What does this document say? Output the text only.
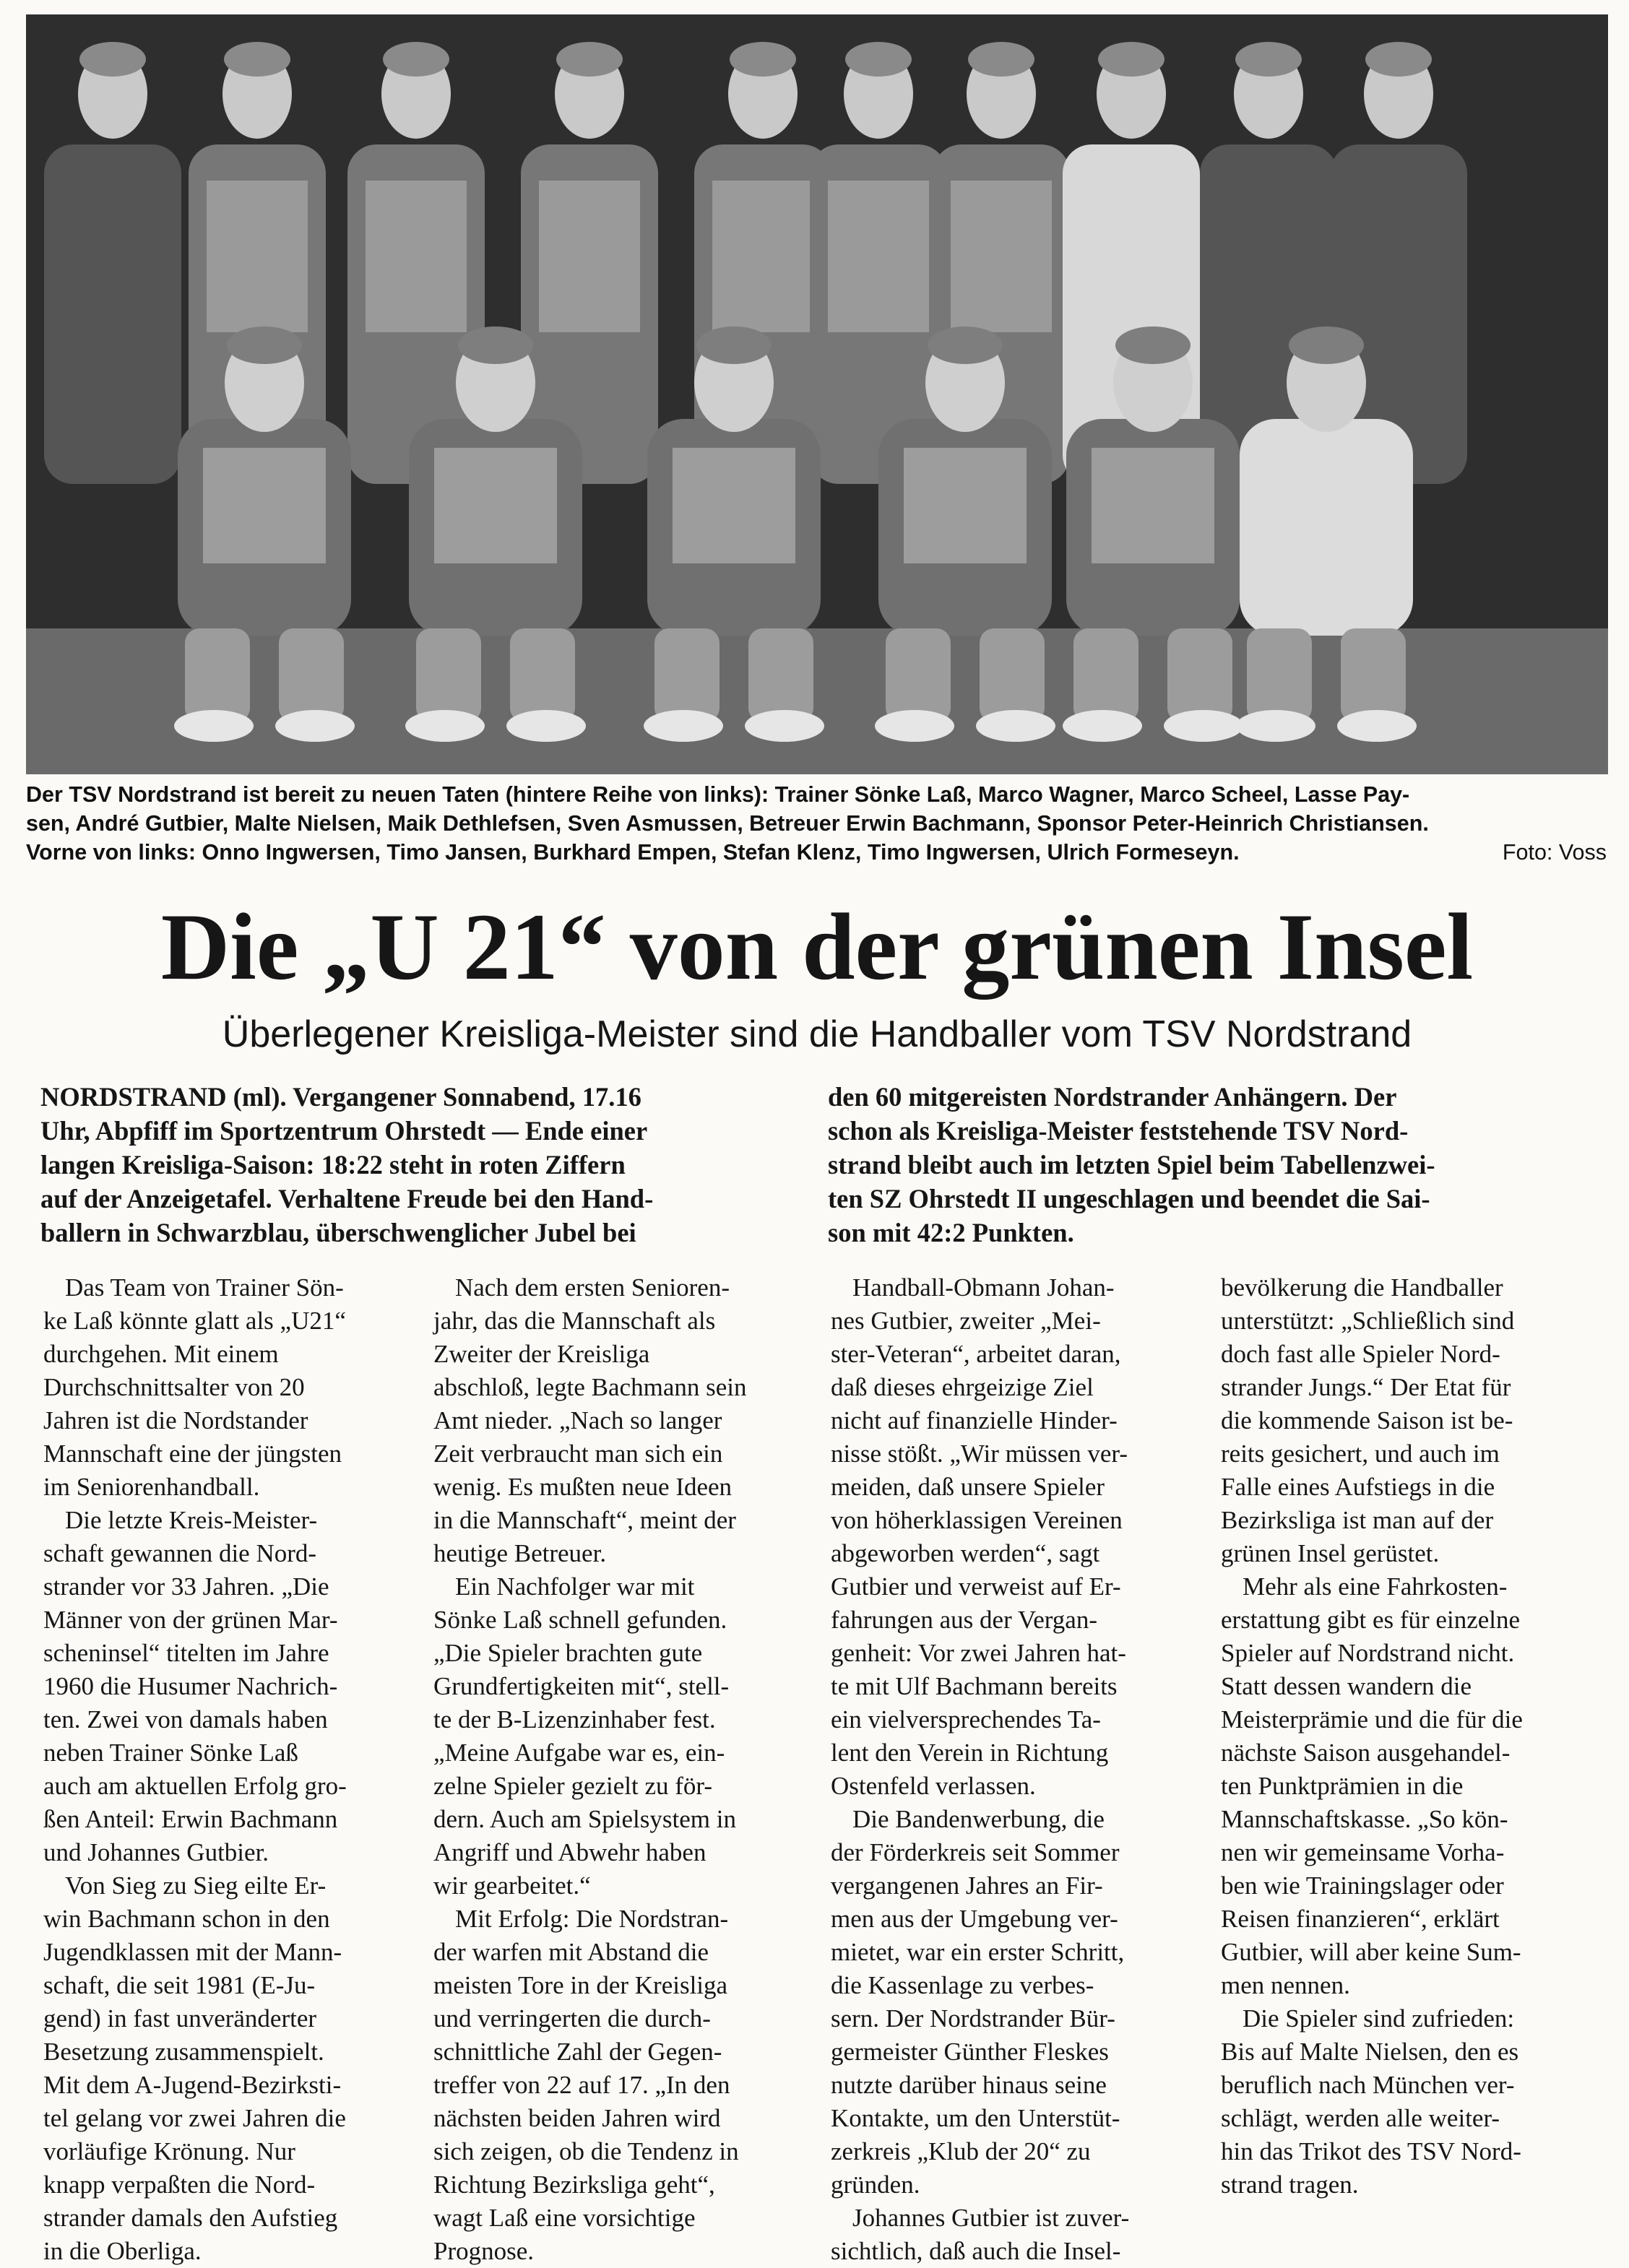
Der TSV Nordstrand ist bereit zu neuen Taten (hintere Reihe von links): Trainer Sönke Laß, Marco Wagner, Marco Scheel, Lasse Pay-
sen, André Gutbier, Malte Nielsen, Maik Dethlefsen, Sven Asmussen, Betreuer Erwin Bachmann, Sponsor Peter-Heinrich Christiansen.
Vorne von links: Onno Ingwersen, Timo Jansen, Burkhard Empen, Stefan Klenz, Timo Ingwersen, Ulrich Formeseyn.	Foto: Voss
Die „U 21“ von der grünen Insel
Überlegener Kreisliga-Meister sind die Handballer vom TSV Nordstrand
NORDSTRAND (ml). Vergangener Sonnabend, 17.16
Uhr, Abpfiff im Sportzentrum Ohrstedt — Ende einer
langen Kreisliga-Saison: 18:22 steht in roten Ziffern
auf der Anzeigetafel. Verhaltene Freude bei den Hand-
ballern in Schwarzblau, überschwenglicher Jubel bei
den 60 mitgereisten Nordstrander Anhängern. Der
schon als Kreisliga-Meister feststehende TSV Nord-
strand bleibt auch im letzten Spiel beim Tabellenzwei-
ten SZ Ohrstedt II ungeschlagen und beendet die Sai-
son mit 42:2 Punkten.

Das Team von Trainer Sön-
ke Laß könnte glatt als „U21“
durchgehen. Mit einem
Durchschnittsalter von 20
Jahren ist die Nordstander
Mannschaft eine der jüngsten
im Seniorenhandball.

Die letzte Kreis-Meister-
schaft gewannen die Nord-
strander vor 33 Jahren. „Die
Männer von der grünen Mar-
scheninsel“ titelten im Jahre
1960 die Husumer Nachrich-
ten. Zwei von damals haben
neben Trainer Sönke Laß
auch am aktuellen Erfolg gro-
ßen Anteil: Erwin Bachmann
und Johannes Gutbier.

Von Sieg zu Sieg eilte Er-
win Bachmann schon in den
Jugendklassen mit der Mann-
schaft, die seit 1981 (E-Ju-
gend) in fast unveränderter
Besetzung zusammenspielt.
Mit dem A-Jugend-Bezirksti-
tel gelang vor zwei Jahren die
vorläufige Krönung. Nur
knapp verpaßten die Nord-
strander damals den Aufstieg
in die Oberliga.

Nach dem ersten Senioren-
jahr, das die Mannschaft als
Zweiter der Kreisliga
abschloß, legte Bachmann sein
Amt nieder. „Nach so langer
Zeit verbraucht man sich ein
wenig. Es mußten neue Ideen
in die Mannschaft“, meint der
heutige Betreuer.

Ein Nachfolger war mit
Sönke Laß schnell gefunden.
„Die Spieler brachten gute
Grundfertigkeiten mit“, stell-
te der B-Lizenzinhaber fest.
„Meine Aufgabe war es, ein-
zelne Spieler gezielt zu för-
dern. Auch am Spielsystem in
Angriff und Abwehr haben
wir gearbeitet.“

Mit Erfolg: Die Nordstran-
der warfen mit Abstand die
meisten Tore in der Kreisliga
und verringerten die durch-
schnittliche Zahl der Gegen-
treffer von 22 auf 17. „In den
nächsten beiden Jahren wird
sich zeigen, ob die Tendenz in
Richtung Bezirksliga geht“,
wagt Laß eine vorsichtige
Prognose.

Handball-Obmann Johan-
nes Gutbier, zweiter „Mei-
ster-Veteran“, arbeitet daran,
daß dieses ehrgeizige Ziel
nicht auf finanzielle Hinder-
nisse stößt. „Wir müssen ver-
meiden, daß unsere Spieler
von höherklassigen Vereinen
abgeworben werden“, sagt
Gutbier und verweist auf Er-
fahrungen aus der Vergan-
genheit: Vor zwei Jahren hat-
te mit Ulf Bachmann bereits
ein vielversprechendes Ta-
lent den Verein in Richtung
Ostenfeld verlassen.

Die Bandenwerbung, die
der Förderkreis seit Sommer
vergangenen Jahres an Fir-
men aus der Umgebung ver-
mietet, war ein erster Schritt,
die Kassenlage zu verbes-
sern. Der Nordstrander Bür-
germeister Günther Fleskes
nutzte darüber hinaus seine
Kontakte, um den Unterstüt-
zerkreis „Klub der 20“ zu
gründen.

Johannes Gutbier ist zuver-
sichtlich, daß auch die Insel-

bevölkerung die Handballer
unterstützt: „Schließlich sind
doch fast alle Spieler Nord-
strander Jungs.“ Der Etat für
die kommende Saison ist be-
reits gesichert, und auch im
Falle eines Aufstiegs in die
Bezirksliga ist man auf der
grünen Insel gerüstet.

Mehr als eine Fahrkosten-
erstattung gibt es für einzelne
Spieler auf Nordstrand nicht.
Statt dessen wandern die
Meisterprämie und die für die
nächste Saison ausgehandel-
ten Punktprämien in die
Mannschaftskasse. „So kön-
nen wir gemeinsame Vorha-
ben wie Trainingslager oder
Reisen finanzieren“, erklärt
Gutbier, will aber keine Sum-
men nennen.

Die Spieler sind zufrieden:
Bis auf Malte Nielsen, den es
beruflich nach München ver-
schlägt, werden alle weiter-
hin das Trikot des TSV Nord-
strand tragen.
